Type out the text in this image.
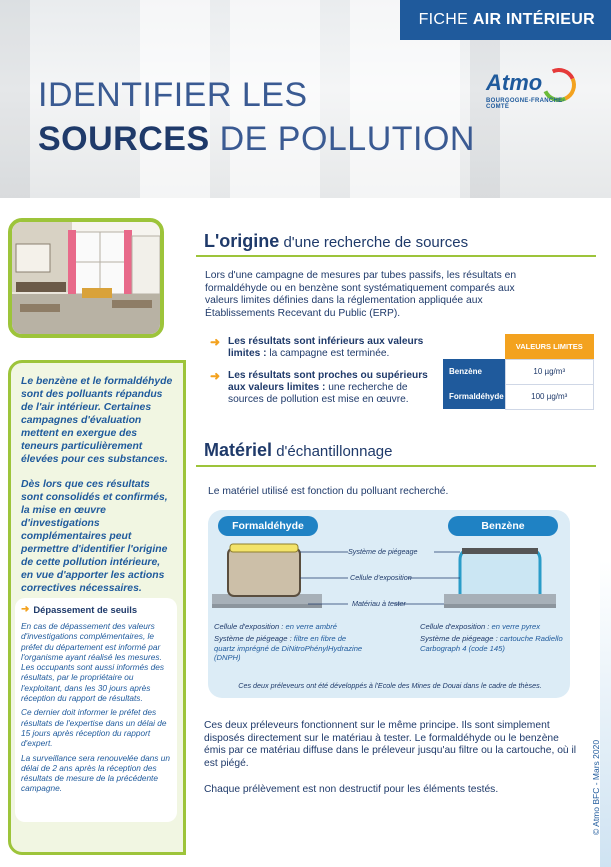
FICHE AIR INTÉRIEUR
IDENTIFIER LES
SOURCES DE POLLUTION
Atmo
BOURGOGNE-FRANCHE-COMTÉ

Le benzène et le formaldéhyde sont des polluants répandus de l'air intérieur. Certaines campagnes d'évaluation mettent en exergue des teneurs particulièrement élevées pour ces substances.

Dès lors que ces résultats sont consolidés et confirmés, la mise en œuvre d'investigations complémentaires peut permettre d'identifier l'origine de cette pollution intérieure, en vue d'apporter les actions correctives nécessaires.

➜ Dépassement de seuils

En cas de dépassement des valeurs d'investigations complémentaires, le préfet du département est informé par l'organisme ayant réalisé les mesures. Les occupants sont aussi informés des résultats, par le propriétaire ou l'exploitant, dans les 30 jours après réception du rapport de résultats.

Ce dernier doit informer le préfet des résultats de l'expertise dans un délai de 15 jours après réception du rapport d'expert.

La surveillance sera renouvelée dans un délai de 2 ans après la réception des résultats de mesure de la précédente campagne.

L'origine d'une recherche de sources
Lors d'une campagne de mesures par tubes passifs, les résultats en formaldéhyde ou en benzène sont systématiquement comparés aux valeurs limites définies dans la réglementation appliquée aux Établissements Recevant du Public (ERP).
➜ Les résultats sont inférieurs aux valeurs limites : la campagne est terminée.
➜ Les résultats sont proches ou supérieurs aux valeurs limites : une recherche de sources de pollution est mise en œuvre.
	VALEURS LIMITES
Benzène	10 µg/m³
Formaldéhyde	100 µg/m³
Matériel d'échantillonnage
Le matériel utilisé est fonction du polluant recherché.
Formaldéhyde	Benzène
Système de piégeage
Cellule d'exposition
Matériau à tester
Cellule d'exposition : en verre ambré
Système de piégeage : filtre en fibre de quartz imprégné de DiNitroPhénylHydrazine (DNPH)
Cellule d'exposition : en verre pyrex
Système de piégeage : cartouche Radiello Carbograph 4 (code 145)
Ces deux préleveurs ont été développés à l'Ecole des Mines de Douai dans le cadre de thèses.
Ces deux préleveurs fonctionnent sur le même principe. Ils sont simplement disposés directement sur le matériau à tester. Le formaldéhyde ou le benzène émis par ce matériau diffuse dans le préleveur jusqu'au filtre ou la cartouche, où il est piégé.
Chaque prélèvement est non destructif pour les éléments testés.	© Atmo BFC - Mars 2020
